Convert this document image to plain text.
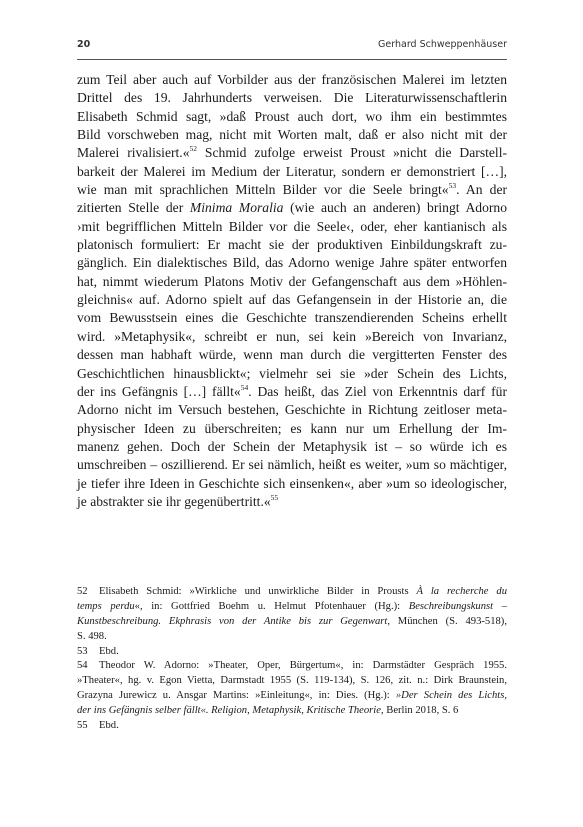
20	Gerhard Schweppenhäuser
zum Teil aber auch auf Vorbilder aus der französischen Malerei im letzten
Drittel des 19. Jahrhunderts verweisen. Die Literaturwissenschaftlerin
Elisabeth Schmid sagt, »daß Proust auch dort, wo ihm ein bestimmtes
Bild vorschweben mag, nicht mit Worten malt, daß er also nicht mit der
Malerei rivalisiert.«$^{52}$ Schmid zufolge erweist Proust »nicht die Darstell-
barkeit der Malerei im Medium der Literatur, sondern er demonstriert […],
wie man mit sprachlichen Mitteln Bilder vor die Seele bringt«$^{53}$. An der
zitierten Stelle der Minima Moralia (wie auch an anderen) bringt Adorno
›mit begrifflichen Mitteln Bilder vor die Seele‹, oder, eher kantianisch als
platonisch formuliert: Er macht sie der produktiven Einbildungskraft zu-
gänglich. Ein dialektisches Bild, das Adorno wenige Jahre später entworfen
hat, nimmt wiederum Platons Motiv der Gefangenschaft aus dem »Höhlen-
gleichnis« auf. Adorno spielt auf das Gefangensein in der Historie an, die
vom Bewusstsein eines die Geschichte transzendierenden Scheins erhellt
wird. »Metaphysik«, schreibt er nun, sei kein »Bereich von Invarianz,
dessen man habhaft würde, wenn man durch die vergitterten Fenster des
Geschichtlichen hinausblickt«; vielmehr sei sie »der Schein des Lichts,
der ins Gefängnis […] fällt«$^{54}$. Das heißt, das Ziel von Erkenntnis darf für
Adorno nicht im Versuch bestehen, Geschichte in Richtung zeitloser meta-
physischer Ideen zu überschreiten; es kann nur um Erhellung der Im-
manenz gehen. Doch der Schein der Metaphysik ist – so würde ich es
umschreiben – oszillierend. Er sei nämlich, heißt es weiter, »um so mächtiger,
je tiefer ihre Ideen in Geschichte sich einsenken«, aber »um so ideologischer,
je abstrakter sie ihr gegenübertritt.«$^{55}$
52 Elisabeth Schmid: »Wirkliche und unwirkliche Bilder in Prousts À la recherche du
temps perdu«, in: Gottfried Boehm u. Helmut Pfotenhauer (Hg.): Beschreibungskunst –
Kunstbeschreibung. Ekphrasis von der Antike bis zur Gegenwart, München (S. 493-518),
S. 498.
53 Ebd.
54 Theodor W. Adorno: »Theater, Oper, Bürgertum«, in: Darmstädter Gespräch 1955.
»Theater«, hg. v. Egon Vietta, Darmstadt 1955 (S. 119-134), S. 126, zit. n.: Dirk Braunstein,
Grazyna Jurewicz u. Ansgar Martins: »Einleitung«, in: Dies. (Hg.): »Der Schein des Lichts,
der ins Gefängnis selber fällt«. Religion, Metaphysik, Kritische Theorie, Berlin 2018, S. 6
55 Ebd.
